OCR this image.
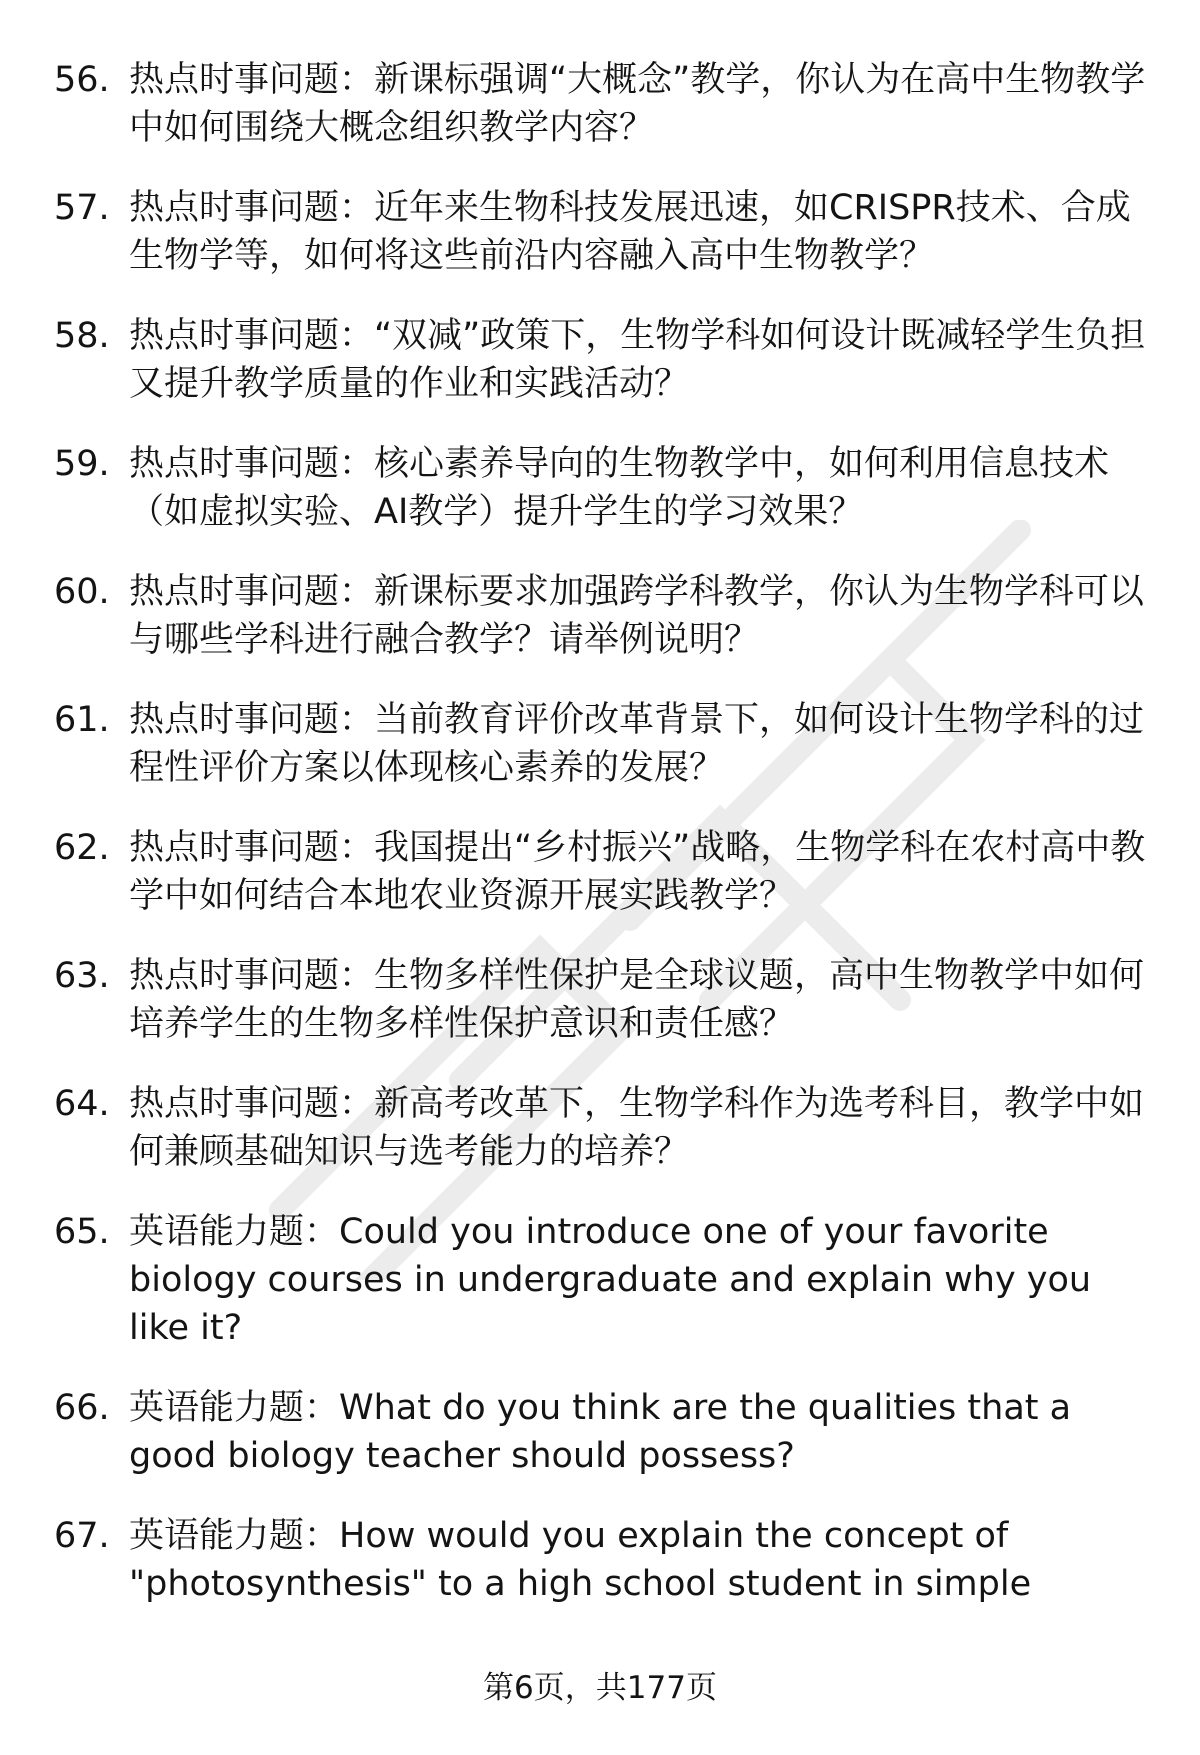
56. 热点时事问题：新课标强调“大概念”教学，你认为在高中生物教学中如何围绕大概念组织教学内容？
57. 热点时事问题：近年来生物科技发展迅速，如CRISPR技术、合成生物学等，如何将这些前沿内容融入高中生物教学？
58. 热点时事问题：“双减”政策下，生物学科如何设计既减轻学生负担又提升教学质量的作业和实践活动？
59. 热点时事问题：核心素养导向的生物教学中，如何利用信息技术（如虚拟实验、AI教学）提升学生的学习效果？
60. 热点时事问题：新课标要求加强跨学科教学，你认为生物学科可以与哪些学科进行融合教学？请举例说明？
61. 热点时事问题：当前教育评价改革背景下，如何设计生物学科的过程性评价方案以体现核心素养的发展？
62. 热点时事问题：我国提出“乡村振兴”战略，生物学科在农村高中教学中如何结合本地农业资源开展实践教学？
63. 热点时事问题：生物多样性保护是全球议题，高中生物教学中如何培养学生的生物多样性保护意识和责任感？
64. 热点时事问题：新高考改革下，生物学科作为选考科目，教学中如何兼顾基础知识与选考能力的培养？
65. 英语能力题：Could you introduce one of your favorite biology courses in undergraduate and explain why you like it?
66. 英语能力题：What do you think are the qualities that a good biology teacher should possess?
67. 英语能力题：How would you explain the concept of "photosynthesis" to a high school student in simple
第6页，共177页
